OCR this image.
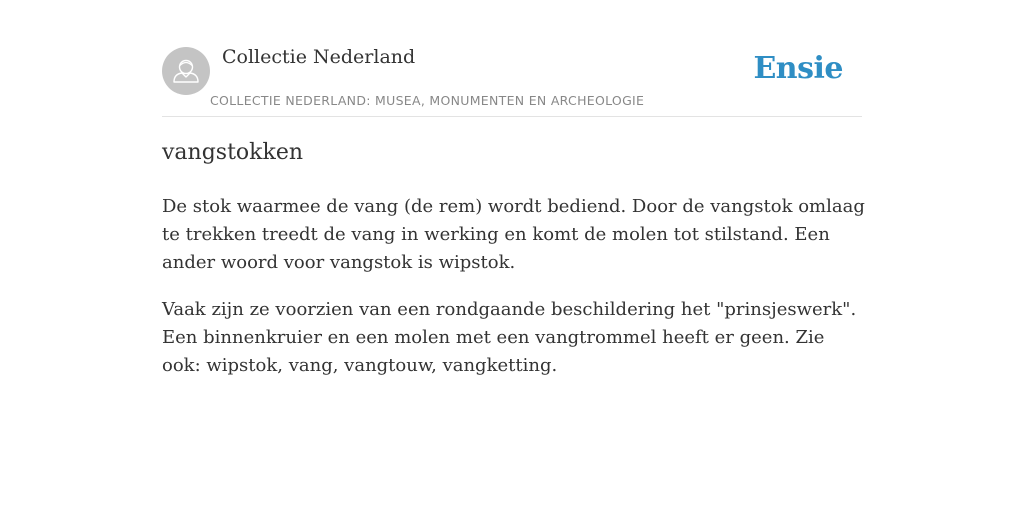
Collectie Nederland
COLLECTIE NEDERLAND: MUSEA, MONUMENTEN EN ARCHEOLOGIE
Ensie
vangstokken

De stok waarmee de vang (de rem) wordt bediend. Door de vangstok omlaag te trekken treedt de vang in werking en komt de molen tot stilstand. Een ander woord voor vangstok is wipstok.

Vaak zijn ze voorzien van een rondgaande beschildering het "prinsjeswerk". Een binnenkruier en een molen met een vangtrommel heeft er geen. Zie ook: wipstok, vang, vangtouw, vangketting.
